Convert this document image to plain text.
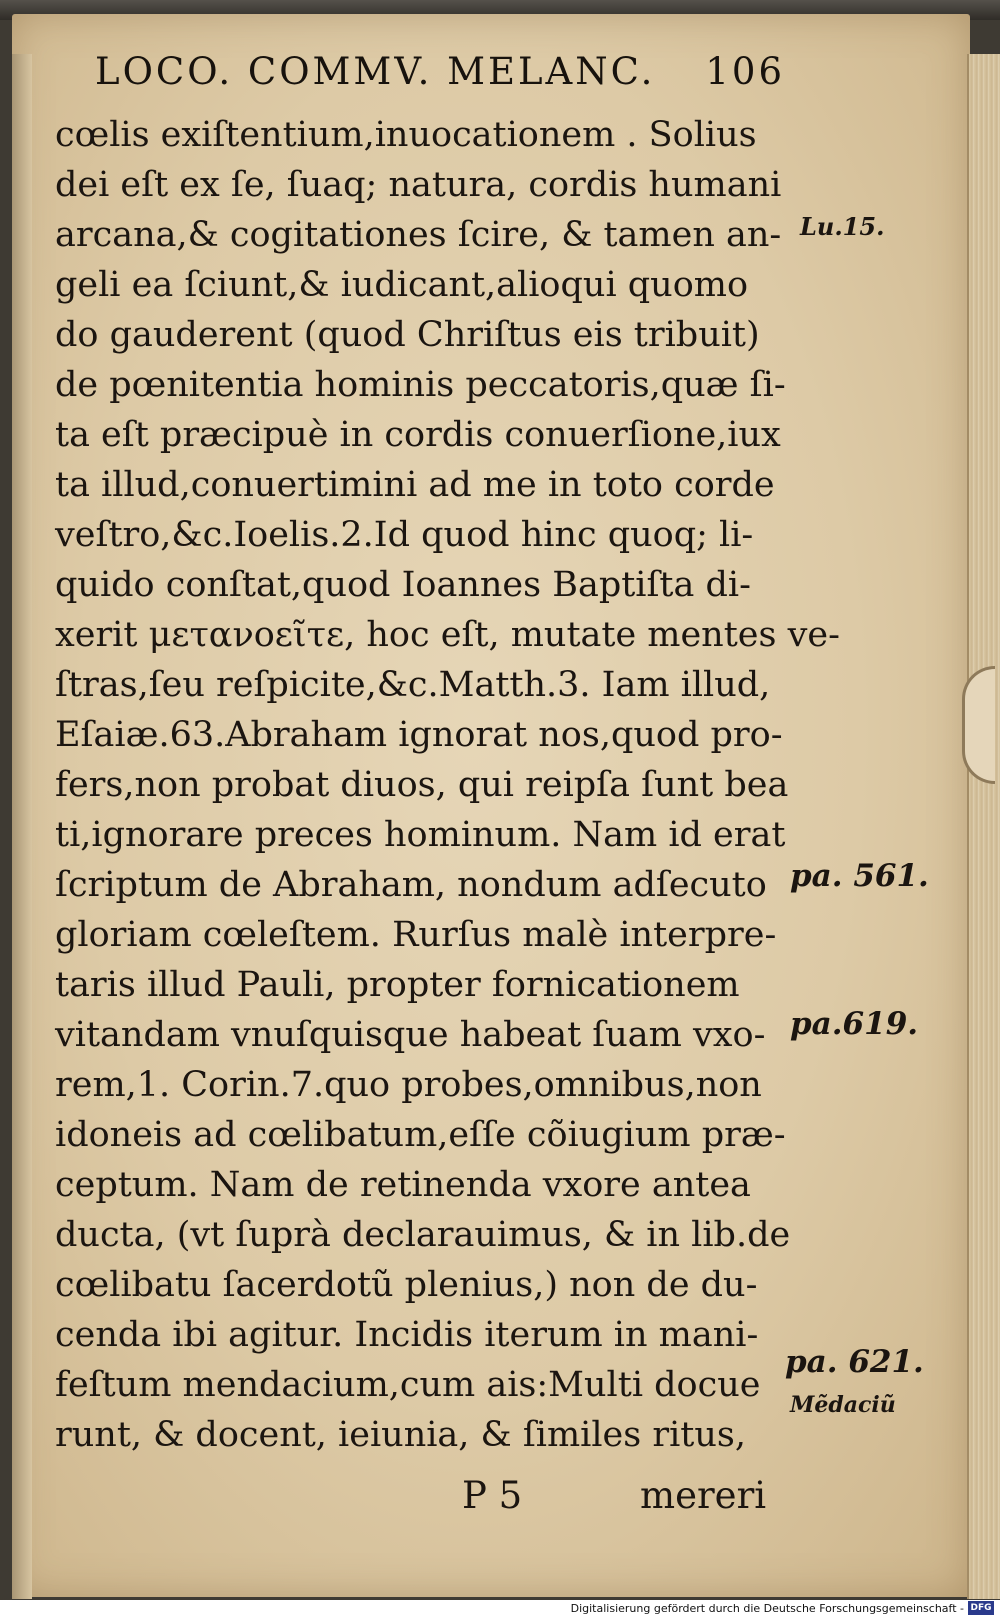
LOCO. COMMV. MELANC. 106
cœlis exiſtentium,inuocationem . Solius
dei eſt ex ſe, ſuaq; natura, cordis humani
arcana,& cogitationes ſcire, & tamen an-
geli ea ſciunt,& iudicant,alioqui quomo
do gauderent (quod Chriſtus eis tribuit)
de pœnitentia hominis peccatoris,quæ ſi-
ta eſt præcipuè in cordis conuerſione,iux
ta illud,conuertimini ad me in toto corde
veſtro,&c.Ioelis.2.Id quod hinc quoq; li-
quido conſtat,quod Ioannes Baptiſta di-
xerit μετανοεῖτε, hoc eſt, mutate mentes ve-
ſtras,ſeu reſpicite,&c.Matth.3. Iam illud,
Eſaiæ.63.Abraham ignorat nos,quod pro-
fers,non probat diuos, qui reipſa ſunt bea
ti,ignorare preces hominum. Nam id erat
ſcriptum de Abraham, nondum adſecuto
gloriam cœleſtem. Rurſus malè interpre-
taris illud Pauli, propter fornicationem
vitandam vnuſquisque habeat ſuam vxo-
rem,1. Corin.7.quo probes,omnibus,non
idoneis ad cœlibatum,eſſe cõiugium præ-
ceptum. Nam de retinenda vxore antea
ducta, (vt ſuprà declarauimus, & in lib.de
cœlibatu ſacerdotũ plenius,) non de du-
cenda ibi agitur. Incidis iterum in mani-
feſtum mendacium,cum ais:Multi docue
runt, & docent, ieiunia, & ſimiles ritus,
Lu.15.
pa. 561.
pa.619.
pa. 621.
Mẽdaciũ
P 5	mereri
Digitalisierung gefördert durch die Deutsche Forschungsgemeinschaft - DFG
